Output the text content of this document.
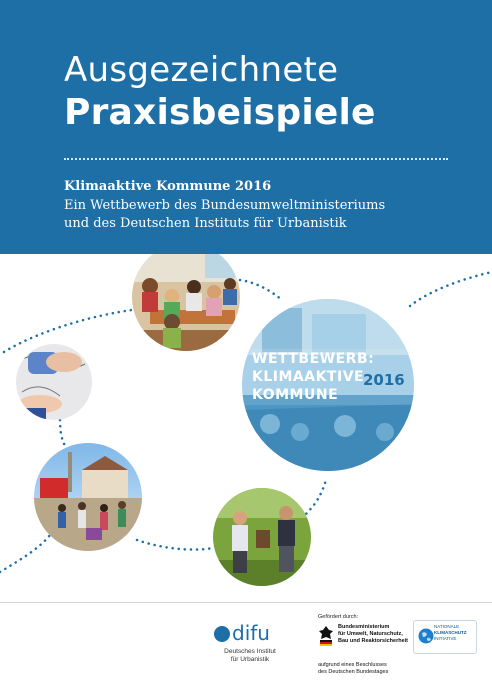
Ausgezeichnete
Praxisbeispiele
Klimaaktive Kommune 2016
Ein Wettbewerb des Bundesumweltministeriums
und des Deutschen Instituts für Urbanistik
WETTBEWERB:
KLIMAAKTIVE
KOMMUNE
2016
difu
Deutsches Institut
für Urbanistik
Gefördert durch:
Bundesministerium
für Umwelt, Naturschutz,
Bau und Reaktorsicherheit
aufgrund eines Beschlusses
des Deutschen Bundestages
NATIONALE
KLIMASCHUTZ
INITIATIVE
